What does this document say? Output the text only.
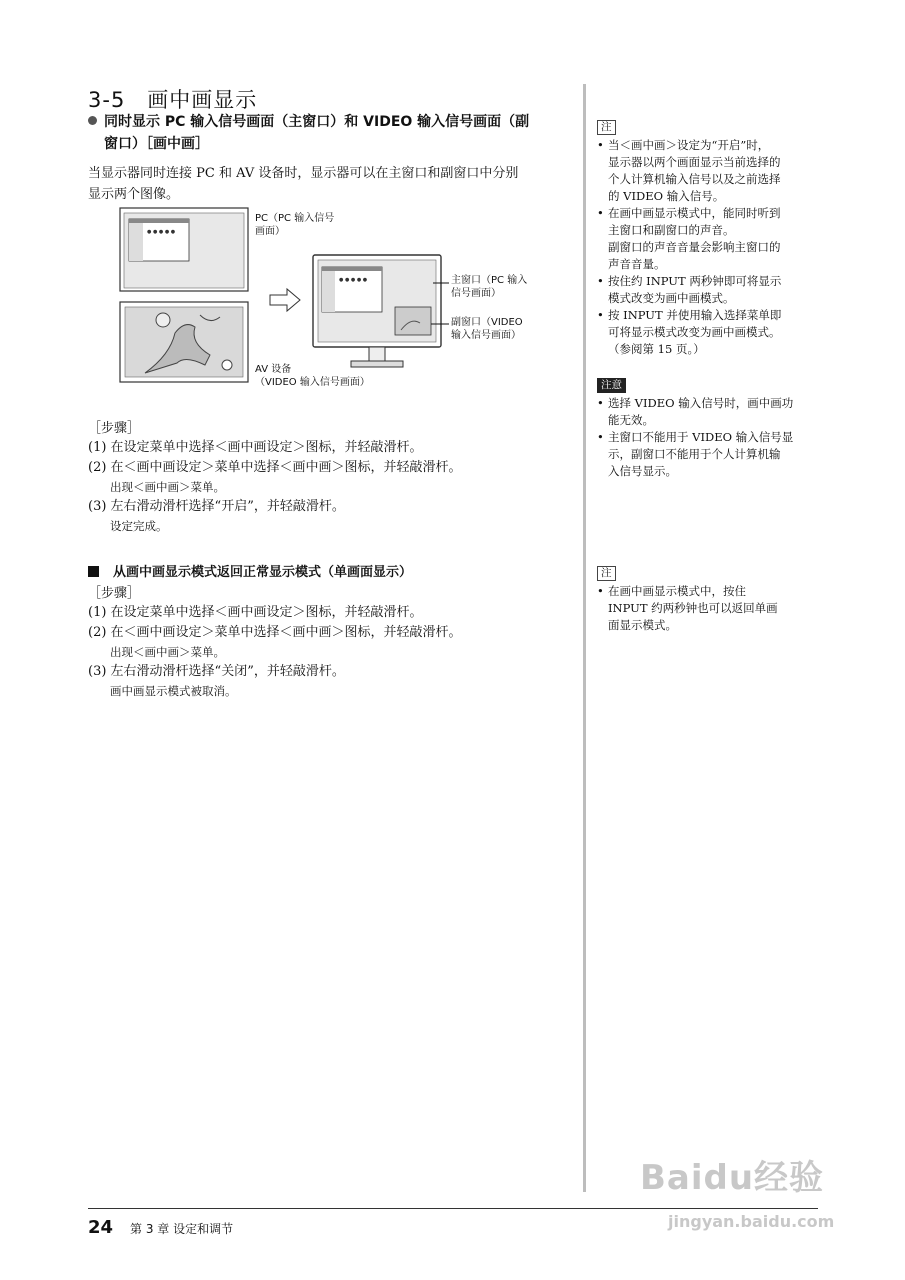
3-5　画中画显示
同时显示 PC 输入信号画面（主窗口）和 VIDEO 输入信号画面（副
窗口）［画中画］
当显示器同时连接 PC 和 AV 设备时，显示器可以在主窗口和副窗口中分别
显示两个图像。
● ● ● ● ●
PC（PC 输入信号
画面）
AV 设备
（VIDEO 输入信号画面）
● ● ● ● ●	主窗口（PC 输入
信号画面）
副窗口（VIDEO
输入信号画面）
［步骤］
(1) 在设定菜单中选择＜画中画设定＞图标，并轻敲滑杆。
(2) 在＜画中画设定＞菜单中选择＜画中画＞图标，并轻敲滑杆。
出现＜画中画＞菜单。
(3) 左右滑动滑杆选择“开启”，并轻敲滑杆。
设定完成。
从画中画显示模式返回正常显示模式（单画面显示）
［步骤］
(1) 在设定菜单中选择＜画中画设定＞图标，并轻敲滑杆。
(2) 在＜画中画设定＞菜单中选择＜画中画＞图标，并轻敲滑杆。
出现＜画中画＞菜单。
(3) 左右滑动滑杆选择“关闭”，并轻敲滑杆。
画中画显示模式被取消。
注
• 当＜画中画＞设定为“开启”时，
显示器以两个画面显示当前选择的
个人计算机输入信号以及之前选择
的 VIDEO 输入信号。
• 在画中画显示模式中，能同时听到
主窗口和副窗口的声音。
副窗口的声音音量会影响主窗口的
声音音量。
• 按住约 INPUT 两秒钟即可将显示
模式改变为画中画模式。
• 按 INPUT 并使用输入选择菜单即
可将显示模式改变为画中画模式。
（参阅第 15 页。）
注意
• 选择 VIDEO 输入信号时，画中画功
能无效。
• 主窗口不能用于 VIDEO 输入信号显
示，副窗口不能用于个人计算机输
入信号显示。
注
• 在画中画显示模式中，按住
INPUT 约两秒钟也可以返回单画
面显示模式。
Baidu经验
jingyan.baidu.com
24 第 3 章 设定和调节
